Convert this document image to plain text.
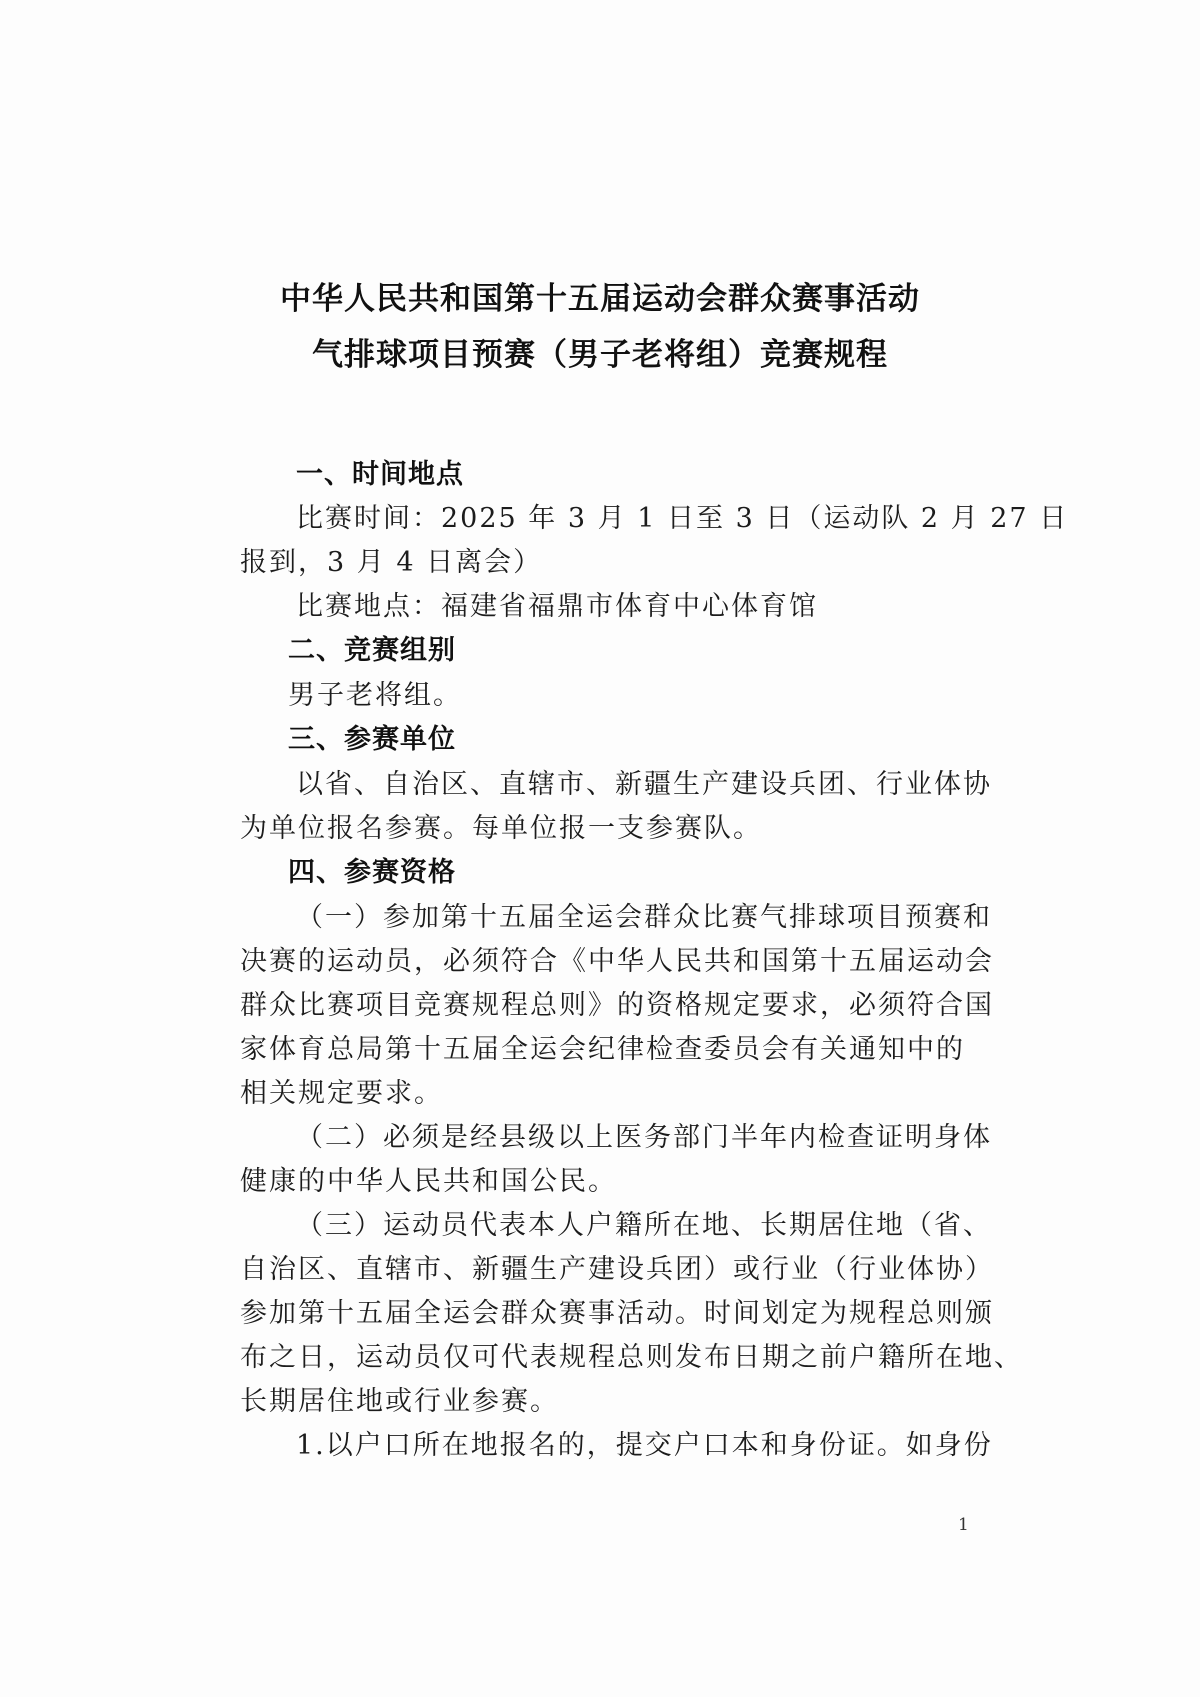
中华人民共和国第十五届运动会群众赛事活动
气排球项目预赛（男子老将组）竞赛规程
一、时间地点
比赛时间：2025 年 3 月 1 日至 3 日（运动队 2 月 27 日
报到，3 月 4 日离会）
比赛地点：福建省福鼎市体育中心体育馆
二、竞赛组别
男子老将组。
三、参赛单位
以省、自治区、直辖市、新疆生产建设兵团、行业体协
为单位报名参赛。每单位报一支参赛队。
四、参赛资格
（一）参加第十五届全运会群众比赛气排球项目预赛和
决赛的运动员，必须符合《中华人民共和国第十五届运动会
群众比赛项目竞赛规程总则》的资格规定要求，必须符合国
家体育总局第十五届全运会纪律检查委员会有关通知中的
相关规定要求。
（二）必须是经县级以上医务部门半年内检查证明身体
健康的中华人民共和国公民。
（三）运动员代表本人户籍所在地、长期居住地（省、
自治区、直辖市、新疆生产建设兵团）或行业（行业体协）
参加第十五届全运会群众赛事活动。时间划定为规程总则颁
布之日，运动员仅可代表规程总则发布日期之前户籍所在地、
长期居住地或行业参赛。
1.以户口所在地报名的，提交户口本和身份证。如身份
1
